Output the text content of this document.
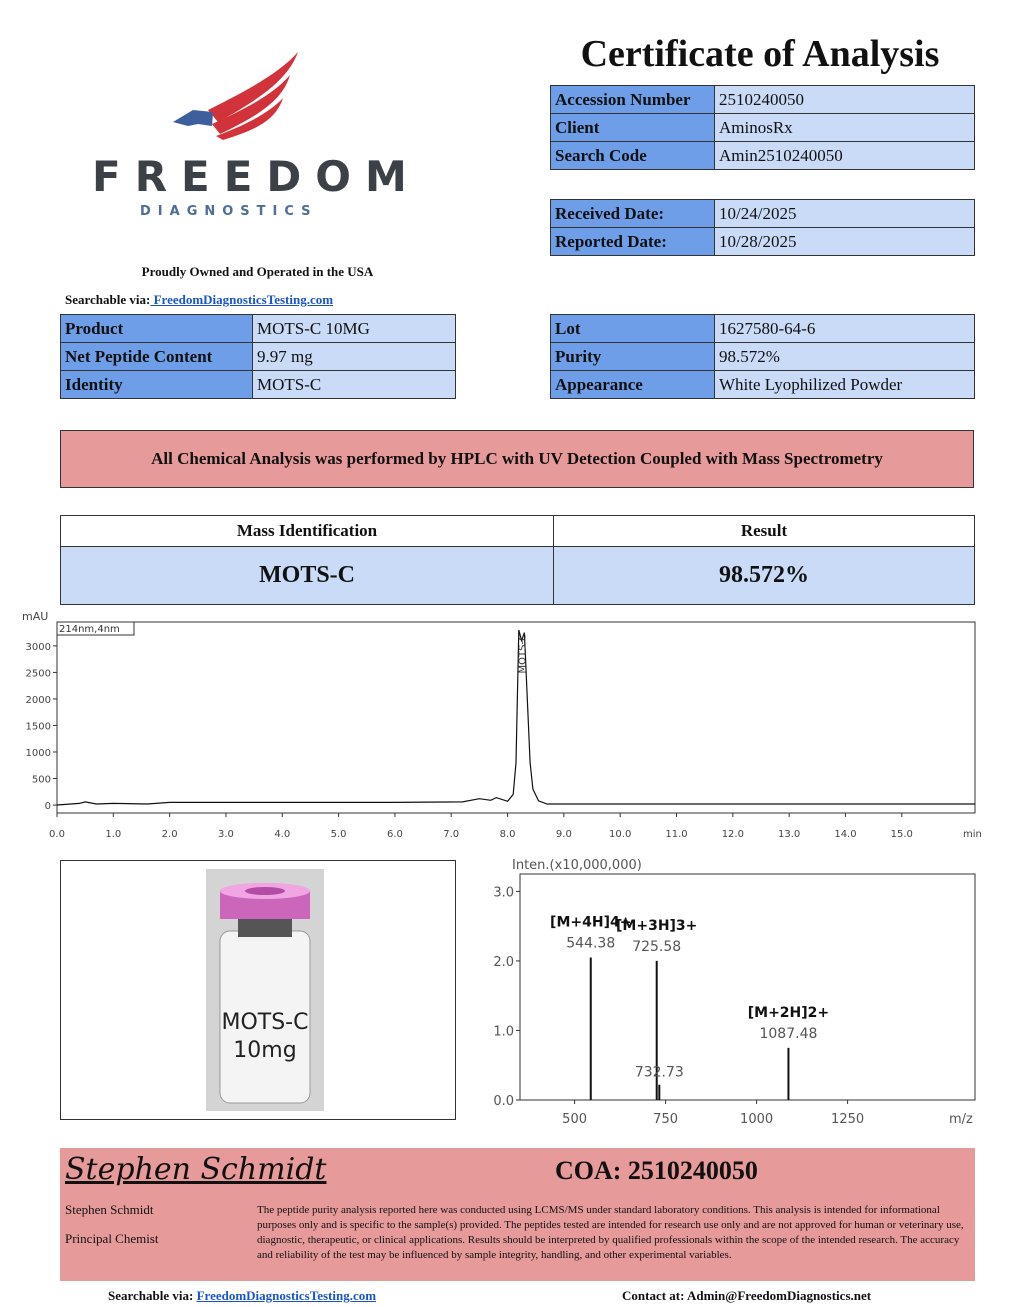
FREEDOM
DIAGNOSTICS
Proudly Owned and Operated in the USA
Searchable via: FreedomDiagnosticsTesting.com
Certificate of Analysis
Accession Number	2510240050
Client	AminosRx
Search Code	Amin2510240050
Received Date:	10/24/2025
Reported Date:	10/28/2025
Product	MOTS-C 10MG
Net Peptide Content	9.97 mg
Identity	MOTS-C
Lot	1627580-64-6
Purity	98.572%
Appearance	White Lyophilized Powder
All Chemical Analysis was performed by HPLC with UV Detection Coupled with Mass Spectrometry
Mass Identification	Result
MOTS-C	98.572%
mAU
214nm,4nm
0
500
1000
1500
2000
2500
3000
0.0	1.0	2.0	3.0	4.0	5.0	6.0	7.0	8.0	9.0	10.0	11.0	12.0	13.0	14.0	15.0	min
MOTS-C
MOTS-C
10mg
Inten.(x10,000,000)
0.0
1.0
2.0
3.0
500	750	1000	1250	m/z
544.38
[M+4H]4+
725.58
[M+3H]3+
732.73
1087.48
[M+2H]2+
Stephen Schmidt	COA: 2510240050
Stephen Schmidt
Principal Chemist
The peptide purity analysis reported here was conducted using LCMS/MS under standard laboratory conditions. This analysis is intended for informational purposes only and is specific to the sample(s) provided. The peptides tested are intended for research use only and are not approved for human or veterinary use, diagnostic, therapeutic, or clinical applications. Results should be interpreted by qualified professionals within the scope of the intended research. The accuracy and reliability of the test may be influenced by sample integrity, handling, and other experimental variables.
Searchable via: FreedomDiagnosticsTesting.com	Contact at: Admin@FreedomDiagnostics.net
